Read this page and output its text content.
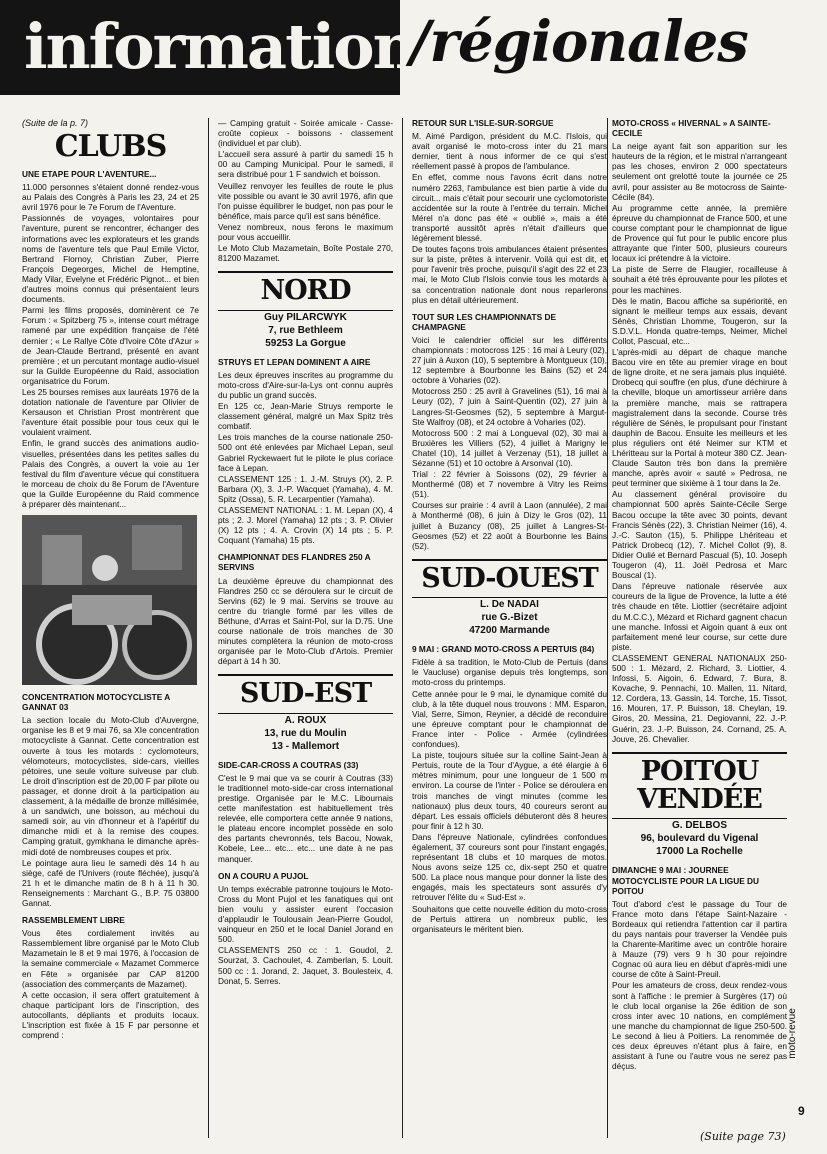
informations
/régionales

(Suite de la p. 7)

CLUBS
UNE ETAPE POUR L'AVENTURE...

11.000 personnes s'étaient donné rendez-vous au Palais des Congrès à Paris les 23, 24 et 25 avril 1976 pour le 7e Forum de l'Aventure.

Passionnés de voyages, volontaires pour l'aventure, purent se rencontrer, échanger des informations avec les explorateurs et les grands noms de l'aventure tels que Paul Emile Victor, Bertrand Flornoy, Christian Zuber, Pierre François Degeorges, Michel de Hemptine, Mady Vilar, Evelyne et Frédéric Pignot... et bien d'autres moins connus qui présentaient leurs documents.

Parmi les films proposés, dominèrent ce 7e Forum : « Spitzberg 75 », intense court métrage ramené par une expédition française de l'été dernier ; « Le Rallye Côte d'Ivoire Côte d'Azur » de Jean-Claude Bertrand, présenté en avant première ; et un percutant montage audio-visuel sur la Guilde Européenne du Raid, association organisatrice du Forum.

Les 25 bourses remises aux lauréats 1976 de la dotation nationale de l'aventure par Olivier de Kersauson et Christian Prost montrèrent que l'aventure était possible pour tous ceux qui le voulaient vraiment.

Enfin, le grand succès des animations audio-visuelles, présentées dans les petites salles du Palais des Congrès, a ouvert la voie au 1er festival du film d'aventure vécue qui constituera le morceau de choix du 8e Forum de l'Aventure que la Guilde Européenne du Raid commence à préparer dès maintenant...

CONCENTRATION MOTOCYCLISTE A GANNAT 03

La section locale du Moto-Club d'Auvergne, organise les 8 et 9 mai 76, sa XIe concentration motocycliste à Gannat. Cette concentration est ouverte à tous les motards : cyclomoteurs, vélomoteurs, motocyclistes, side-cars, vieilles pétoires, une seule voiture suiveuse par club. Le droit d'inscription est de 20,00 F par pilote ou passager, et donne droit à la participation au classement, à la médaille de bronze millésimée, à un sandwich, une boisson, au méchoui du samedi soir, au vin d'honneur et à l'apéritif du dimanche midi et à la remise des coupes. Camping gratuit, gymkhana le dimanche après-midi doté de nombreuses coupes et prix.

Le pointage aura lieu le samedi dès 14 h au siège, café de l'Univers (route fléchée), jusqu'à 21 h et le dimanche matin de 8 h à 11 h 30. Renseignements : Marchant G., B.P. 75 03800 Gannat.

RASSEMBLEMENT LIBRE

Vous êtes cordialement invités au Rassemblement libre organisé par le Moto Club Mazametain le 8 et 9 mai 1976, à l'occasion de la semaine commerciale « Mazamet Commerce en Fête » organisée par CAP 81200 (association des commerçants de Mazamet).

A cette occasion, il sera offert gratuitement à chaque participant lors de l'inscription, des autocollants, dépliants et produits locaux. L'inscription est fixée à 15 F par personne et comprend :

— Camping gratuit - Soirée amicale - Casse-croûte copieux - boissons - classement (individuel et par club).

L'accueil sera assuré à partir du samedi 15 h 00 au Camping Municipal. Pour le samedi, il sera distribué pour 1 F sandwich et boisson.

Veuillez renvoyer les feuilles de route le plus vite possible ou avant le 30 avril 1976, afin que l'on puisse équilibrer le budget, non pas pour le bénéfice, mais parce qu'il est sans bénéfice.

Venez nombreux, nous ferons le maximum pour vous accueillir.

Le Moto Club Mazametain, Boîte Postale 270, 81200 Mazamet.

NORD
Guy PILARCWYK
7, rue Bethleem
59253 La Gorgue
STRUYS ET LEPAN DOMINENT A AIRE

Les deux épreuves inscrites au programme du moto-cross d'Aire-sur-la-Lys ont connu auprès du public un grand succès.

En 125 cc, Jean-Marie Struys remporte le classement général, malgré un Max Spitz très combatif.

Les trois manches de la course nationale 250-500 ont été enlevées par Michael Lepan, seul Gabriel Ryckewaert fut le pilote le plus coriace face à Lepan.

CLASSEMENT 125 : 1. J.-M. Struys (X), 2. P. Barbara (X), 3. J.-P. Wacquet (Yamaha), 4. M. Spitz (Ossa), 5. R. Lecarpentier (Yamaha).

CLASSEMENT NATIONAL : 1. M. Lepan (X), 4 pts ; 2. J. Morel (Yamaha) 12 pts ; 3. P. Olivier (X) 12 pts ; 4. A. Crovin (X) 14 pts ; 5. P. Coquant (Yamaha) 15 pts.

CHAMPIONNAT DES FLANDRES 250 A SERVINS

La deuxième épreuve du championnat des Flandres 250 cc se déroulera sur le circuit de Servins (62) le 9 mai. Servins se trouve au centre du triangle formé par les villes de Béthune, d'Arras et Saint-Pol, sur la D.75. Une course nationale de trois manches de 30 minutes complètera la réunion de moto-cross organisée par le Moto-Club d'Artois. Premier départ à 14 h 30.

SUD-EST
A. ROUX
13, rue du Moulin
13 - Mallemort
SIDE-CAR-CROSS A COUTRAS (33)

C'est le 9 mai que va se courir à Coutras (33) le traditionnel moto-side-car cross international prestige. Organisée par le M.C. Libournais cette manifestation est habituellement très relevée, elle comportera cette année 9 nations, le plateau encore incomplet possède en solo des partants chevronnés, tels Bacou, Nowak, Kobele, Lee... etc... etc... une date à ne pas manquer.

ON A COURU A PUJOL

Un temps exécrable patronne toujours le Moto-Cross du Mont Pujol et les fanatiques qui ont bien voulu y assister eurent l'occasion d'applaudir le Toulousain Jean-Pierre Goudol, vainqueur en 250 et le local Daniel Jorand en 500.

CLASSEMENTS 250 cc : 1. Goudol, 2. Sourzat, 3. Cachoulet, 4. Zamberlan, 5. Louit. 500 cc : 1. Jorand, 2. Jaquet, 3. Boulesteix, 4. Donat, 5. Serres.

RETOUR SUR L'ISLE-SUR-SORGUE

M. Aimé Pardigon, président du M.C. l'Islois, qui avait organisé le moto-cross inter du 21 mars dernier, tient à nous informer de ce qui s'est réellement passé à propos de l'ambulance.

En effet, comme nous l'avons écrit dans notre numéro 2263, l'ambulance est bien partie à vide du circuit... mais c'était pour secourir une cyclomotoriste accidentée sur la route à l'entrée du terrain. Michel Mérel n'a donc pas été « oublié », mais a été transporté aussitôt après n'était d'ailleurs que légèrement blessé.

De toutes façons trois ambulances étaient présentes sur la piste, prêtes à intervenir. Voilà qui est dit, et pour l'avenir très proche, puisqu'il s'agit des 22 et 23 mai, le Moto Club l'Islois convie tous les motards à sa concentration nationale dont nous reparlerons plus en détail ultérieurement.

TOUT SUR LES CHAMPIONNATS DE CHAMPAGNE

Voici le calendrier officiel sur les différents championnats : motocross 125 : 16 mai à Leury (02), 27 juin à Auxon (10), 5 septembre à Montgueux (10), 12 septembre à Bourbonne les Bains (52) et 24 octobre à Voharies (02).

Motocross 250 : 25 avril à Gravelines (51), 16 mai à Leury (02), 7 juin à Saint-Quentin (02), 27 juin à Langres-St-Geosmes (52), 5 septembre à Margut-Ste Walfroy (08), et 24 octobre à Voharies (02).

Motocross 500 : 2 mai à Longueval (02), 30 mai à Bruxières les Villiers (52), 4 juillet à Marigny le Chatel (10), 14 juillet à Verzenay (51), 18 juillet à Sézanne (51) et 10 octobre à Arsonval (10).

Trial : 22 février à Soissons (02), 29 février à Monthermé (08) et 7 novembre à Vitry les Reims (51).

Courses sur prairie : 4 avril à Laon (annulée), 2 mai à Monthermé (08), 6 juin à Dizy le Gros (02), 11 juillet à Buzancy (08), 25 juillet à Langres-St-Geosmes (52) et 22 août à Bourbonne les Bains (52).

SUD-OUEST
L. De NADAI
rue G.-Bizet
47200 Marmande
9 MAI : GRAND MOTO-CROSS A PERTUIS (84)

Fidèle à sa tradition, le Moto-Club de Pertuis (dans le Vaucluse) organise depuis très longtemps, son moto-cross du printemps.

Cette année pour le 9 mai, le dynamique comité du club, à la tête duquel nous trouvons : MM. Esparon, Vial, Serre, Simon, Reynier, a décidé de reconduire une épreuve comptant pour le championnat de France inter - Police - Armée (cylindrées confondues).

La piste, toujours située sur la colline Saint-Jean à Pertuis, route de la Tour d'Aygue, a été élargie à 6 mètres minimum, pour une longueur de 1 500 m environ. La course de l'inter - Police se déroulera en trois manches de vingt minutes (comme les nationaux) plus deux tours, 40 coureurs seront au départ. Les essais officiels débuteront dès 8 heures pour finir à 12 h 30.

Dans l'épreuve Nationale, cylindrées confondues également, 37 coureurs sont pour l'instant engagés, représentant 18 clubs et 10 marques de motos. Nous avons seize 125 cc, dix-sept 250 et quatre 500. La place nous manque pour donner la liste des engagés, mais les spectateurs sont assurés d'y retrouver l'élite du « Sud-Est ».

Souhaitons que cette nouvelle édition du moto-cross de Pertuis attirera un nombreux public, les organisateurs le méritent bien.

MOTO-CROSS « HIVERNAL » A SAINTE-CECILE

La neige ayant fait son apparition sur les hauteurs de la région, et le mistral n'arrangeant pas les choses, environ 2 000 spectateurs seulement ont grelotté toute la journée ce 25 avril, pour assister au 8e motocross de Sainte-Cécile (84).

Au programme cette année, la première épreuve du championnat de France 500, et une course comptant pour le championnat de ligue de Provence qui fut pour le public encore plus attrayante que l'inter 500, plusieurs coureurs locaux ici prétendre à la victoire.

La piste de Serre de Flaugier, rocailleuse à souhait a été très éprouvante pour les pilotes et pour les machines.

Dès le matin, Bacou affiche sa supériorité, en signant le meilleur temps aux essais, devant Sénès, Christian Lhomme, Tougeron, sur la S.D.V.L. Honda quatre-temps, Neimer, Michel Collot, Pascual, etc...

L'après-midi au départ de chaque manche Bacou vire en tête au premier virage en bout de ligne droite, et ne sera jamais plus inquiété. Drobecq qui souffre (en plus, d'une déchirure à la cheville, bloque un amortisseur arrière dans la première manche, mais se rattrapera magistralement dans la seconde. Course très régulière de Sénès, le propulsant pour l'instant dauphin de Bacou. Ensuite les meilleurs et les plus réguliers ont été Neimer sur KTM et Lhéritteau sur la Portal à moteur 380 CZ. Jean-Claude Sauton très bon dans la première manche, après avoir « sauté » Pedrosa, ne peut terminer que sixième à 1 tour dans la 2e.

Au classement général provisoire du championnat 500 après Sainte-Cécile Serge Bacou occupe la tête avec 30 points, devant Francis Sénès (22), 3. Christian Neimer (16), 4. J.-C. Sauton (15), 5. Philippe Lhériteau et Patrick Drobecq (12), 7. Michel Collot (9), 8. Didier Oulié et Bernard Pascual (5), 10. Joseph Tougeron (4), 11. Joël Pedrosa et Marc Bouscal (1).

Dans l'épreuve nationale réservée aux coureurs de la ligue de Provence, la lutte a été très chaude en tête. Liottier (secrétaire adjoint du M.C.C.), Mézard et Richard gagnent chacun une manche. Infossi et Aigoin quant à eux ont parfaitement mené leur course, sur cette dure piste.

CLASSEMENT GENERAL NATIONAUX 250-500 : 1. Mézard, 2. Richard, 3. Liottier, 4. Infossi, 5. Aigoin, 6. Edward, 7. Bura, 8. Kovache, 9. Pennachi, 10. Mallen, 11. Nitard, 12. Cordera, 13. Gassin, 14. Torche, 15. Tissot, 16. Mouren, 17. P. Buisson, 18. Cheylan, 19. Giros, 20. Messina, 21. Degiovanni, 22. J.-P. Guérin, 23. J.-P. Buisson, 24. Cornand, 25. A. Jouve, 26. Chevalier.

POITOU
VENDÉE
G. DELBOS
96, boulevard du Vigenal
17000 La Rochelle
DIMANCHE 9 MAI : JOURNEE MOTOCYCLISTE POUR LA LIGUE DU POITOU

Tout d'abord c'est le passage du Tour de France moto dans l'étape Saint-Nazaire - Bordeaux qui retiendra l'attention car il partira du pays nantais pour traverser la Vendée puis la Charente-Maritime avec un contrôle horaire à Mauze (79) vers 9 h 30 pour rejoindre Cognac où aura lieu en début d'après-midi une course de côte à Saint-Preuil.

Pour les amateurs de cross, deux rendez-vous sont à l'affiche : le premier à Surgères (17) où le club local organise la 26e édition de son cross inter avec 10 nations, en complément une manche du championnat de ligue 250-500. Le second à lieu à Poitiers. La renommée de ces deux épreuves n'étant plus à faire, en assistant à l'une ou l'autre vous ne serez pas déçus.

moto-revue
9
(Suite page 73)
